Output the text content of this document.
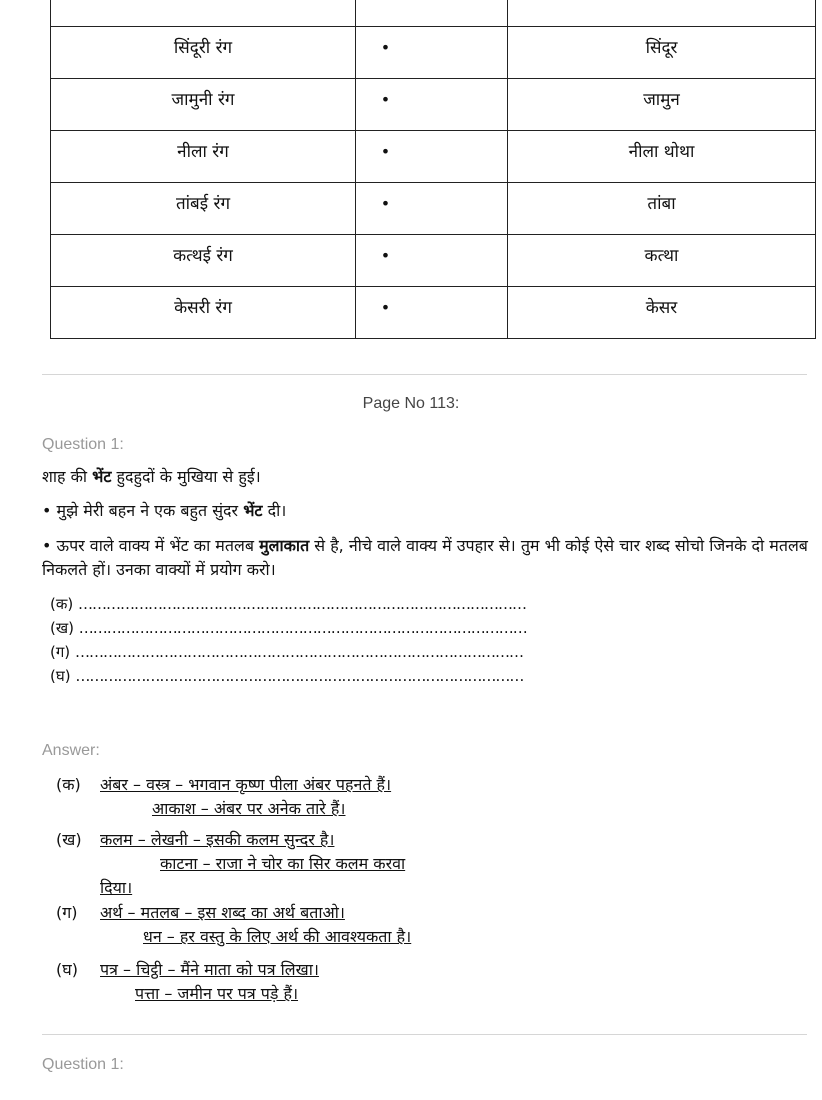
सिंदूरी रंग	•	सिंदूर
जामुनी रंग	•	जामुन
नीला रंग	•	नीला थोथा
तांबई रंग	•	तांबा
कत्थई रंग	•	कत्था
केसरी रंग	•	केसर
Page No 113:
Question 1:
शाह की भेंट हुदहुदों के मुखिया से हुई।
• मुझे मेरी बहन ने एक बहुत सुंदर भेंट दी।
• ऊपर वाले वाक्य में भेंट का मतलब मुलाकात से है, नीचे वाले वाक्य में उपहार से। तुम भी कोई ऐसे चार शब्द सोचो जिनके दो मतलब निकलते हों। उनका वाक्यों में प्रयोग करो।
(क) ……………………………………………………………………………………
(ख) ……………………………………………………………………………………
(ग) ……………………………………………………………………………………
(घ) ……………………………………………………………………………………
Answer:
(क) अंबर – वस्त्र – भगवान कृष्ण पीला अंबर पहनते हैं।
आकाश – अंबर पर अनेक तारे हैं।
(ख) कलम – लेखनी – इसकी कलम सुन्दर है।
काटना – राजा ने चोर का सिर कलम करवा
दिया।
(ग) अर्थ – मतलब – इस शब्द का अर्थ बताओ।
धन – हर वस्तु के लिए अर्थ की आवश्यकता है।
(घ) पत्र – चिट्ठी – मैंने माता को पत्र लिखा।
पत्ता – जमीन पर पत्र पड़े हैं।
Question 1:
